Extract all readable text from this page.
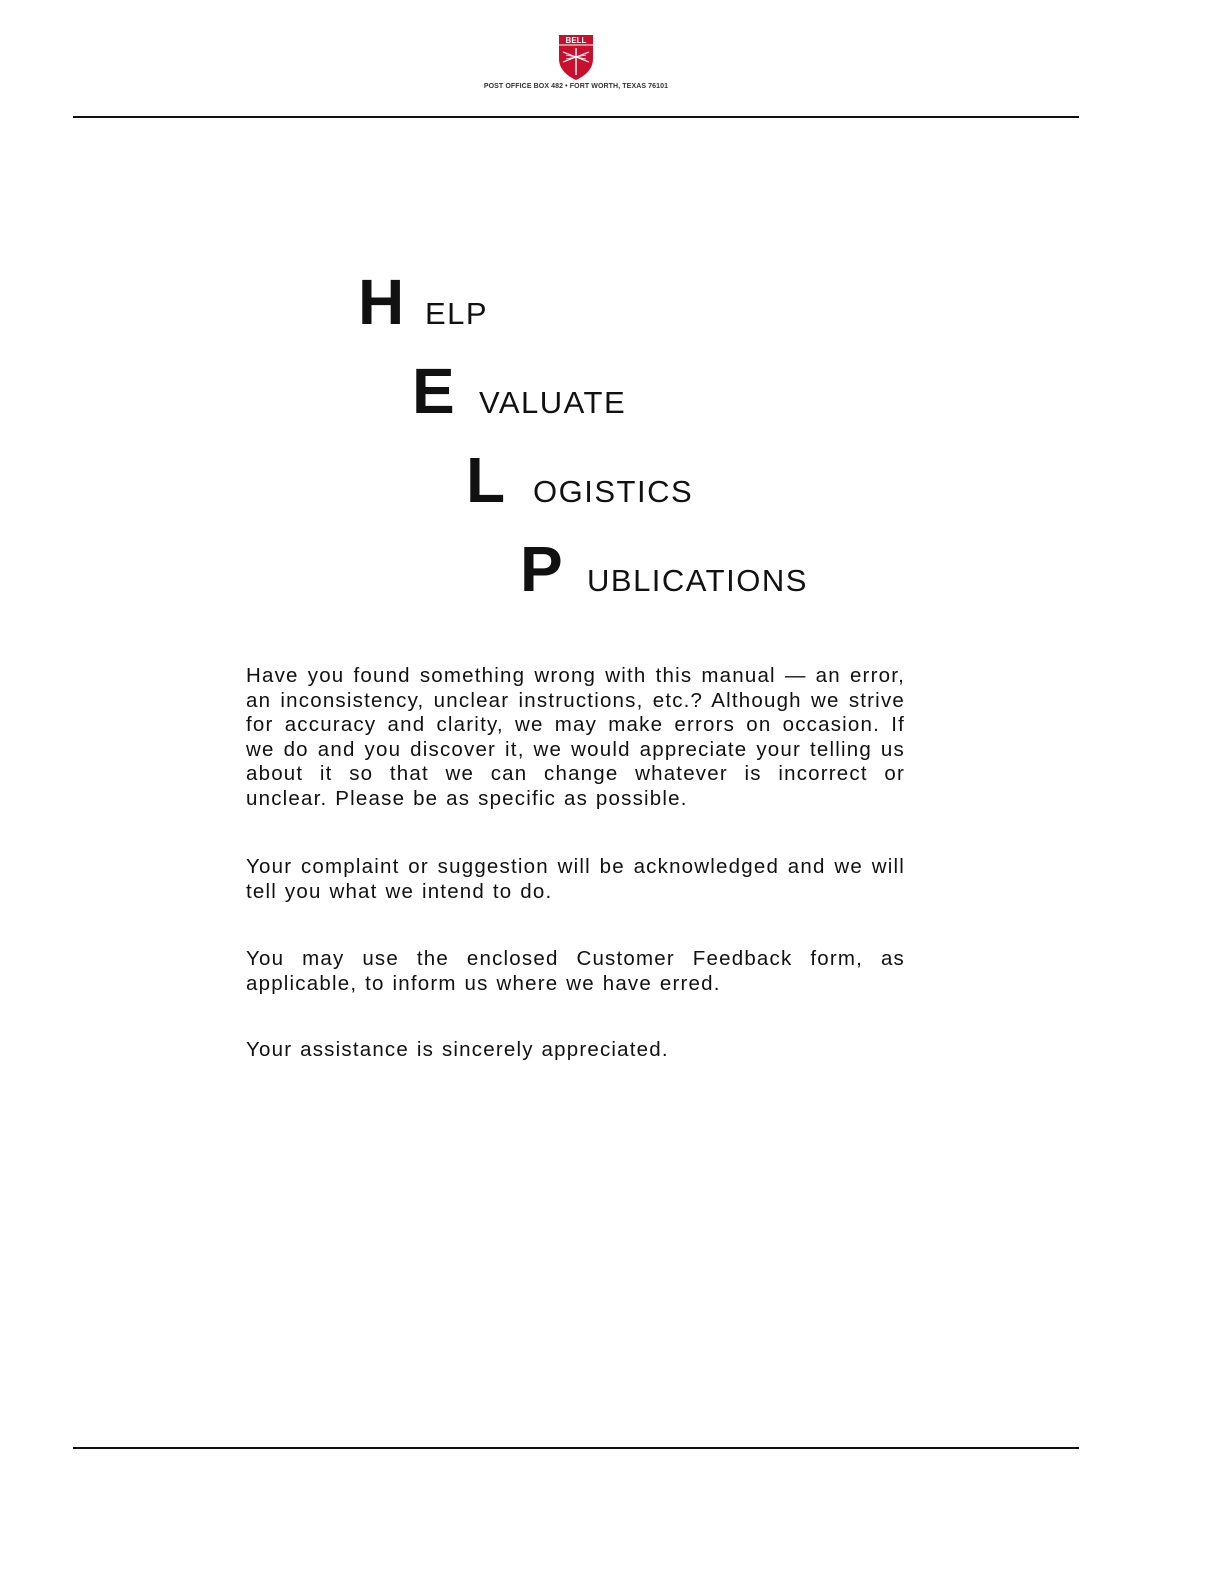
BELL
POST OFFICE BOX 482 • FORT WORTH, TEXAS 76101
H ELP
E VALUATE
L OGISTICS
P UBLICATIONS

Have you found something wrong with this manual — an error, an inconsistency, unclear instructions, etc.? Although we strive for accuracy and clarity, we may make errors on occasion. If we do and you discover it, we would appreciate your telling us about it so that we can change whatever is incorrect or unclear. Please be as specific as possible.

Your complaint or suggestion will be acknowledged and we will tell you what we intend to do.

You may use the enclosed Customer Feedback form, as applicable, to inform us where we have erred.

Your assistance is sincerely appreciated.
